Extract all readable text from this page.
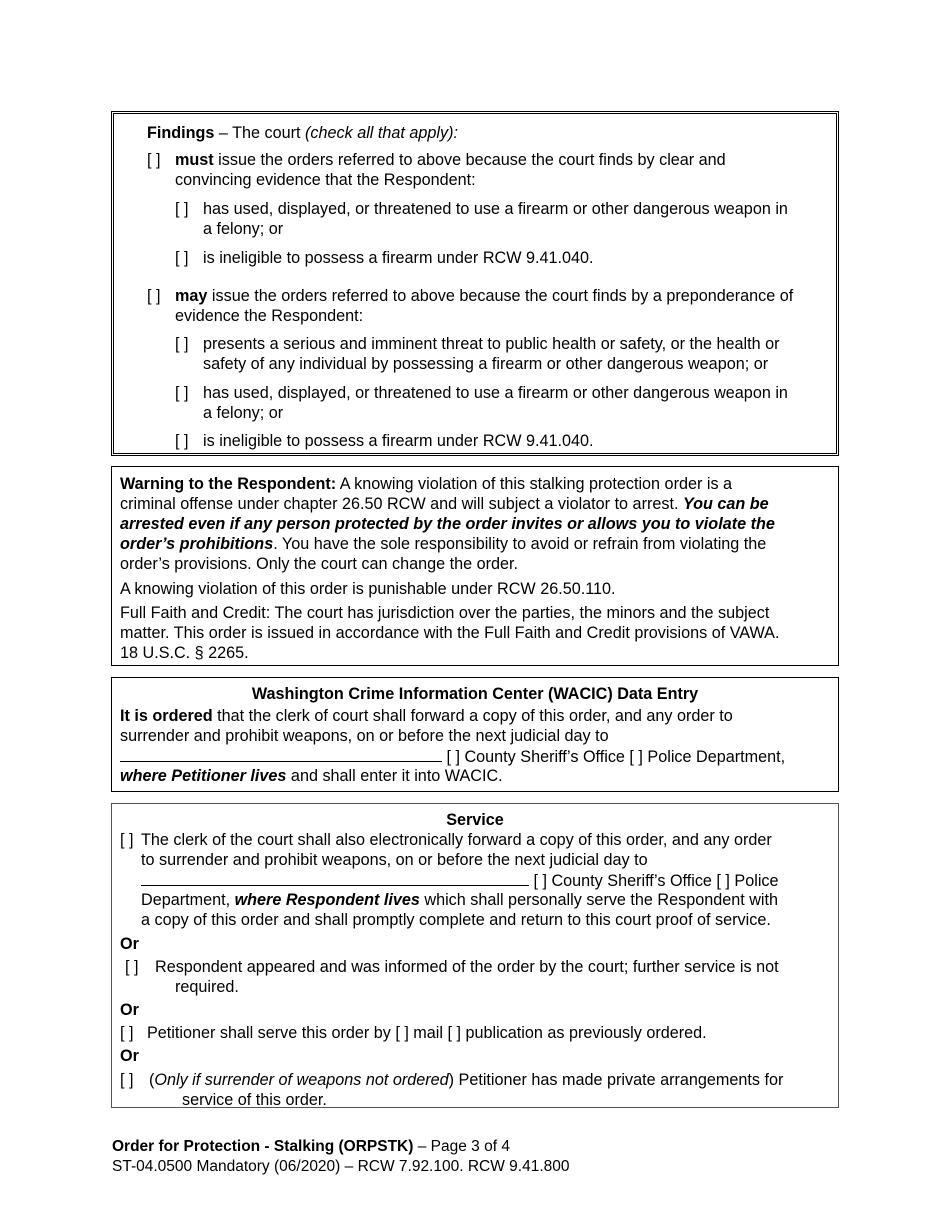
Findings – The court (check all that apply):
[ ] must issue the orders referred to above because the court finds by clear and
convincing evidence that the Respondent:
[ ] has used, displayed, or threatened to use a firearm or other dangerous weapon in
a felony; or
[ ] is ineligible to possess a firearm under RCW 9.41.040.
[ ] may issue the orders referred to above because the court finds by a preponderance of
evidence the Respondent:
[ ] presents a serious and imminent threat to public health or safety, or the health or
safety of any individual by possessing a firearm or other dangerous weapon; or
[ ] has used, displayed, or threatened to use a firearm or other dangerous weapon in
a felony; or
[ ] is ineligible to possess a firearm under RCW 9.41.040.
Warning to the Respondent: A knowing violation of this stalking protection order is a
criminal offense under chapter 26.50 RCW and will subject a violator to arrest. You can be
arrested even if any person protected by the order invites or allows you to violate the
order’s prohibitions. You have the sole responsibility to avoid or refrain from violating the
order’s provisions. Only the court can change the order.
A knowing violation of this order is punishable under RCW 26.50.110.
Full Faith and Credit: The court has jurisdiction over the parties, the minors and the subject
matter. This order is issued in accordance with the Full Faith and Credit provisions of VAWA.
18 U.S.C. § 2265.
Washington Crime Information Center (WACIC) Data Entry
It is ordered that the clerk of court shall forward a copy of this order, and any order to
surrender and prohibit weapons, on or before the next judicial day to
[ ] County Sheriff’s Office [ ] Police Department,
where Petitioner lives and shall enter it into WACIC.
Service
[ ] The clerk of the court shall also electronically forward a copy of this order, and any order
to surrender and prohibit weapons, on or before the next judicial day to
[ ] County Sheriff’s Office [ ] Police
Department, where Respondent lives which shall personally serve the Respondent with
a copy of this order and shall promptly complete and return to this court proof of service.
Or
[ ] Respondent appeared and was informed of the order by the court; further service is not
required.
Or
[ ] Petitioner shall serve this order by [ ] mail [ ] publication as previously ordered.
Or
[ ] (Only if surrender of weapons not ordered) Petitioner has made private arrangements for
service of this order.
Order for Protection - Stalking (ORPSTK) – Page 3 of 4
ST-04.0500 Mandatory (06/2020) – RCW 7.92.100. RCW 9.41.800
